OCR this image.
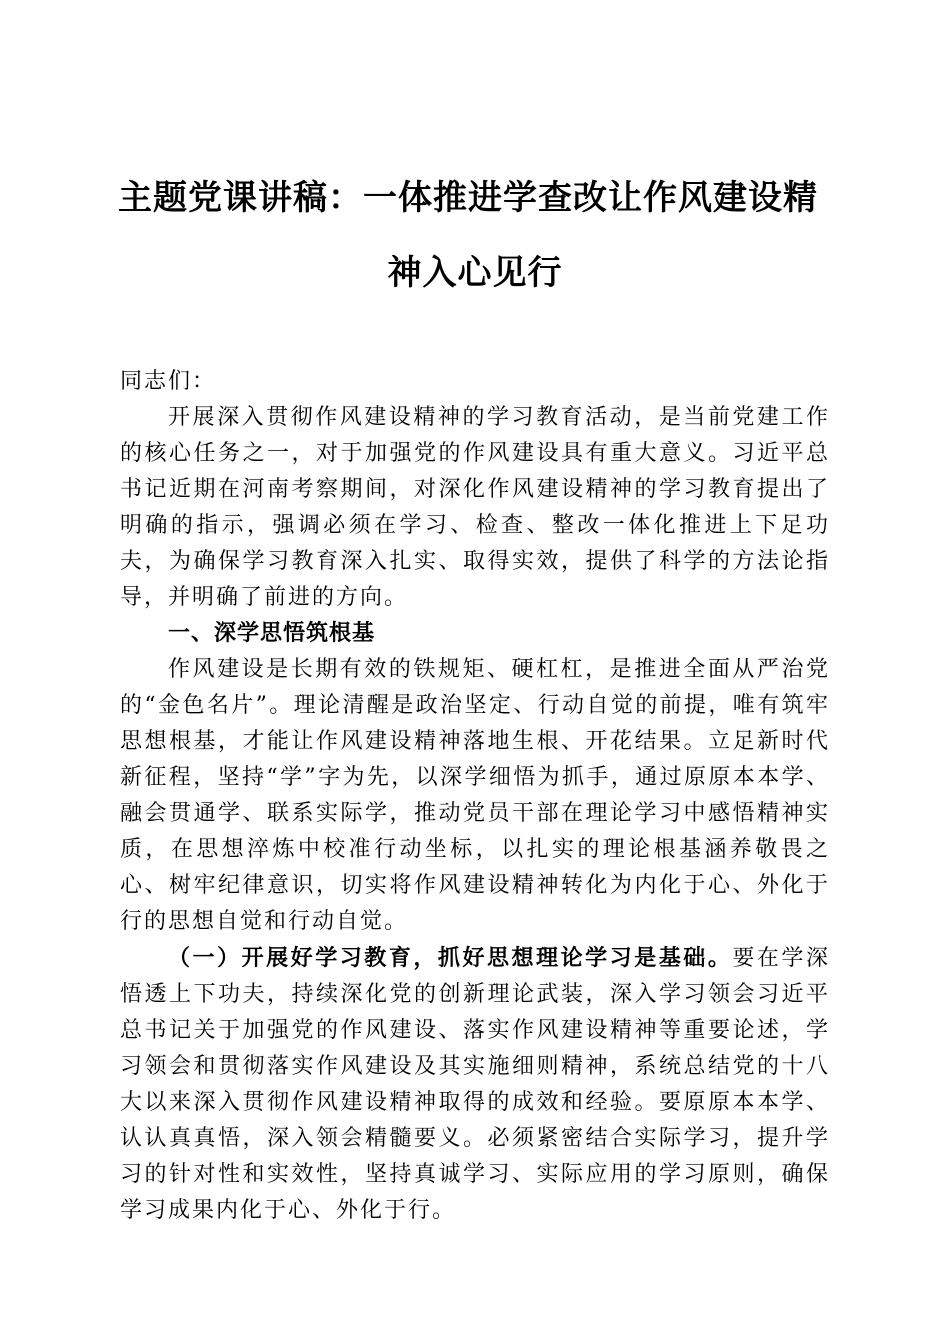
主题党课讲稿：一体推进学查改让作风建设精
神入心见行

同志们：

开展深入贯彻作风建设精神的学习教育活动，是当前党建工作的核心任务之一，对于加强党的作风建设具有重大意义。习近平总书记近期在河南考察期间，对深化作风建设精神的学习教育提出了明确的指示，强调必须在学习、检查、整改一体化推进上下足功夫，为确保学习教育深入扎实、取得实效，提供了科学的方法论指导，并明确了前进的方向。

一、深学思悟筑根基

作风建设是长期有效的铁规矩、硬杠杠，是推进全面从严治党的“金色名片”。理论清醒是政治坚定、行动自觉的前提，唯有筑牢思想根基，才能让作风建设精神落地生根、开花结果。立足新时代新征程，坚持“学”字为先，以深学细悟为抓手，通过原原本本学、融会贯通学、联系实际学，推动党员干部在理论学习中感悟精神实质，在思想淬炼中校准行动坐标，以扎实的理论根基涵养敬畏之心、树牢纪律意识，切实将作风建设精神转化为内化于心、外化于行的思想自觉和行动自觉。

（一）开展好学习教育，抓好思想理论学习是基础。要在学深悟透上下功夫，持续深化党的创新理论武装，深入学习领会习近平总书记关于加强党的作风建设、落实作风建设精神等重要论述，学习领会和贯彻落实作风建设及其实施细则精神，系统总结党的十八大以来深入贯彻作风建设精神取得的成效和经验。要原原本本学、认认真真悟，深入领会精髓要义。必须紧密结合实际学习，提升学习的针对性和实效性，坚持真诚学习、实际应用的学习原则，确保学习成果内化于心、外化于行。
